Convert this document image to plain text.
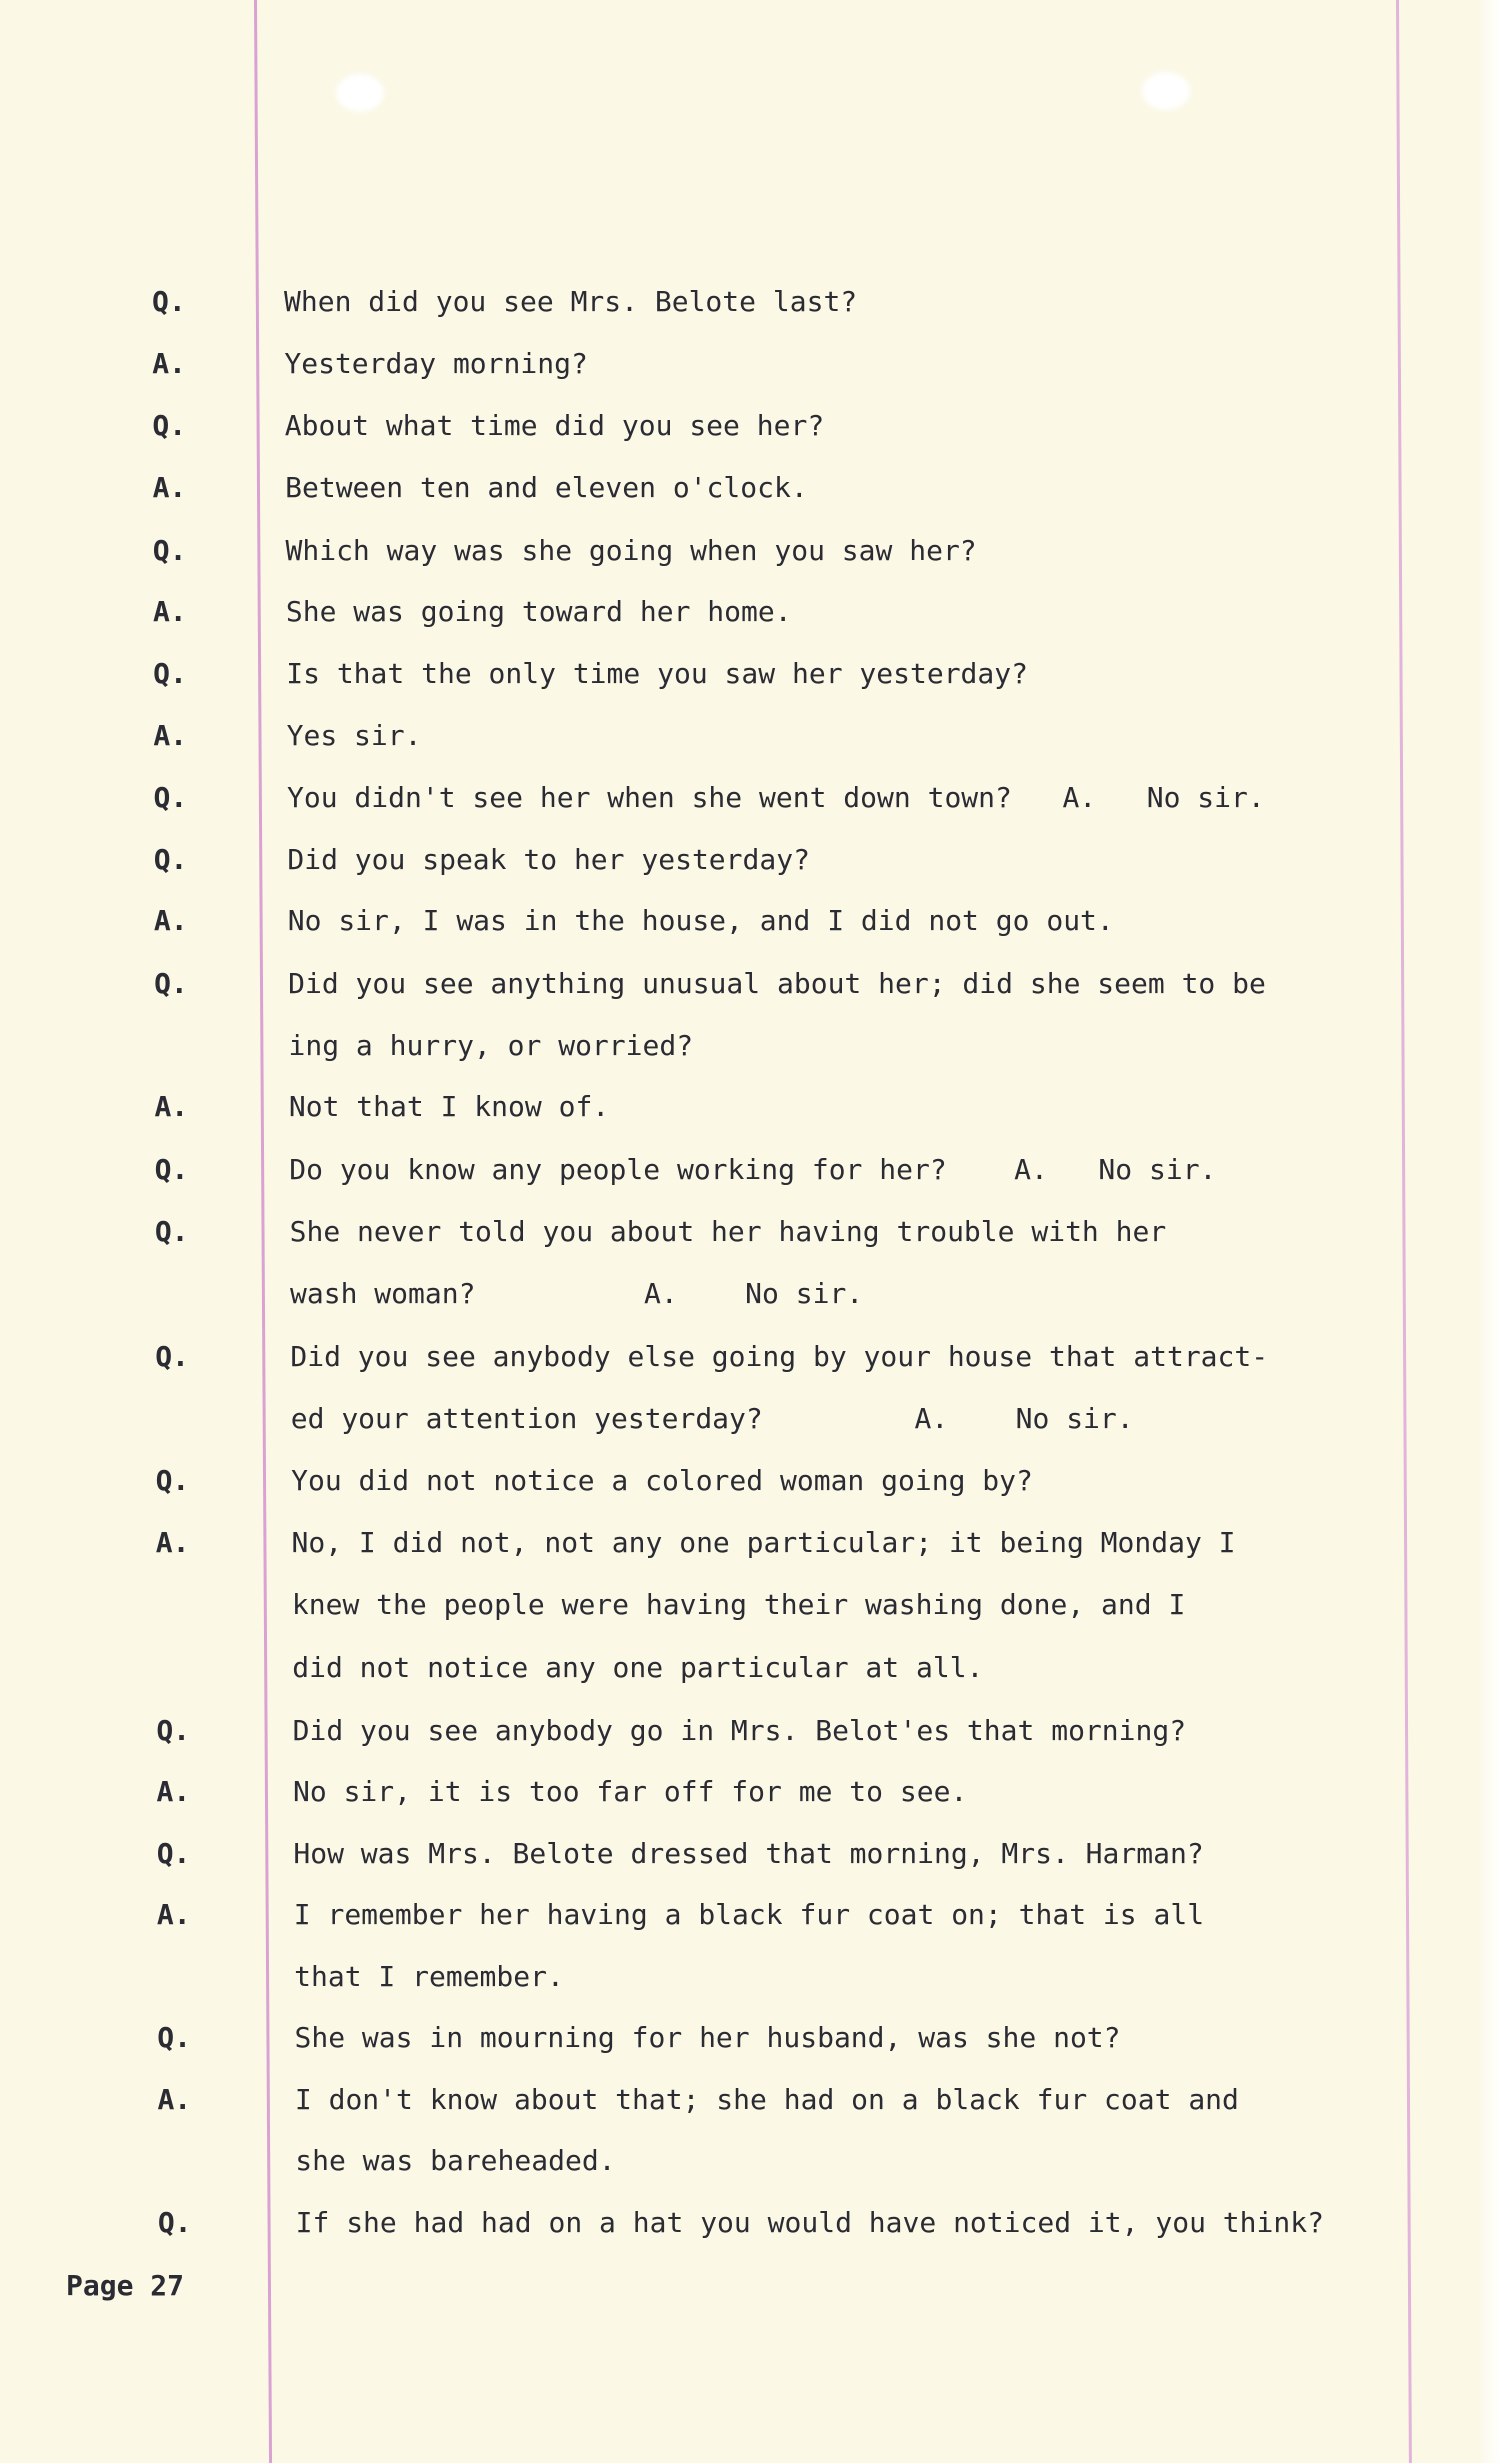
Q.	When did you see Mrs. Belote last?
A.	Yesterday morning?
Q.	About what time did you see her?
A.	Between ten and eleven o'clock.
Q.	Which way was she going when you saw her?
A.	She was going toward her home.
Q.	Is that the only time you saw her yesterday?
A.	Yes sir.
Q.	You didn't see her when she went down town?   A.   No sir.
Q.	Did you speak to her yesterday?
A.	No sir, I was in the house, and I did not go out.
Q.	Did you see anything unusual about her; did she seem to be
ing a hurry, or worried?
A.	Not that I know of.
Q.	Do you know any people working for her?    A.   No sir.
Q.	She never told you about her having trouble with her
wash woman?          A.    No sir.
Q.	Did you see anybody else going by your house that attract-
ed your attention yesterday?         A.    No sir.
Q.	You did not notice a colored woman going by?
A.	No, I did not, not any one particular; it being Monday I
knew the people were having their washing done, and I
did not notice any one particular at all.
Q.	Did you see anybody go in Mrs. Belot'es that morning?
A.	No sir, it is too far off for me to see.
Q.	How was Mrs. Belote dressed that morning, Mrs. Harman?
A.	I remember her having a black fur coat on; that is all
that I remember.
Q.	She was in mourning for her husband, was she not?
A.	I don't know about that; she had on a black fur coat and
she was bareheaded.
Q.	If she had had on a hat you would have noticed it, you think?
Page 27
